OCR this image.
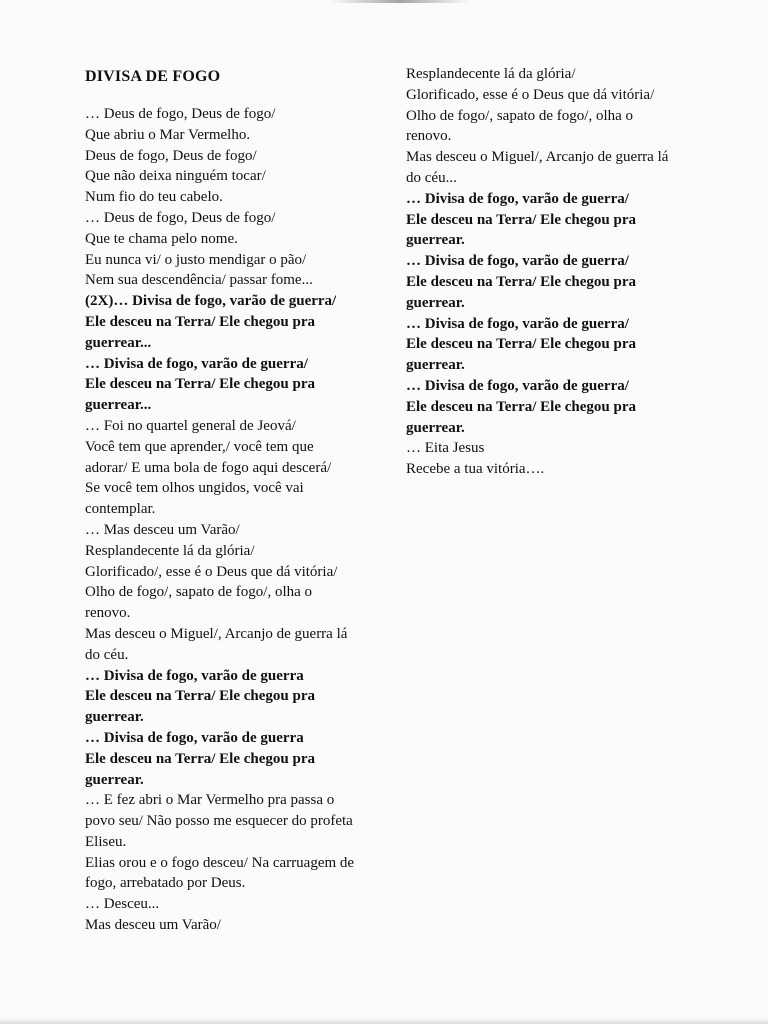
DIVISA DE FOGO
… Deus de fogo, Deus de fogo/
Que abriu o Mar Vermelho.
Deus de fogo, Deus de fogo/
Que não deixa ninguém tocar/
Num fio do teu cabelo.
… Deus de fogo, Deus de fogo/
Que te chama pelo nome.
Eu nunca vi/ o justo mendigar o pão/
Nem sua descendência/ passar fome...
(2X)… Divisa de fogo, varão de guerra/
Ele desceu na Terra/ Ele chegou pra
guerrear...
… Divisa de fogo, varão de guerra/
Ele desceu na Terra/ Ele chegou pra
guerrear...
… Foi no quartel general de Jeová/
Você tem que aprender,/ você tem que
adorar/ E uma bola de fogo aqui descerá/
Se você tem olhos ungidos, você vai
contemplar.
… Mas desceu um Varão/
Resplandecente lá da glória/
Glorificado/, esse é o Deus que dá vitória/
Olho de fogo/, sapato de fogo/, olha o
renovo.
Mas desceu o Miguel/, Arcanjo de guerra lá
do céu.
… Divisa de fogo, varão de guerra
Ele desceu na Terra/ Ele chegou pra
guerrear.
… Divisa de fogo, varão de guerra
Ele desceu na Terra/ Ele chegou pra
guerrear.
… E fez abri o Mar Vermelho pra passa o
povo seu/ Não posso me esquecer do profeta
Eliseu.
Elias orou e o fogo desceu/ Na carruagem de
fogo, arrebatado por Deus.
… Desceu...
Mas desceu um Varão/
Resplandecente lá da glória/
Glorificado, esse é o Deus que dá vitória/
Olho de fogo/, sapato de fogo/, olha o
renovo.
Mas desceu o Miguel/, Arcanjo de guerra lá
do céu...
… Divisa de fogo, varão de guerra/
Ele desceu na Terra/ Ele chegou pra
guerrear.
… Divisa de fogo, varão de guerra/
Ele desceu na Terra/ Ele chegou pra
guerrear.
… Divisa de fogo, varão de guerra/
Ele desceu na Terra/ Ele chegou pra
guerrear.
… Divisa de fogo, varão de guerra/
Ele desceu na Terra/ Ele chegou pra
guerrear.
… Eita Jesus
Recebe a tua vitória….
